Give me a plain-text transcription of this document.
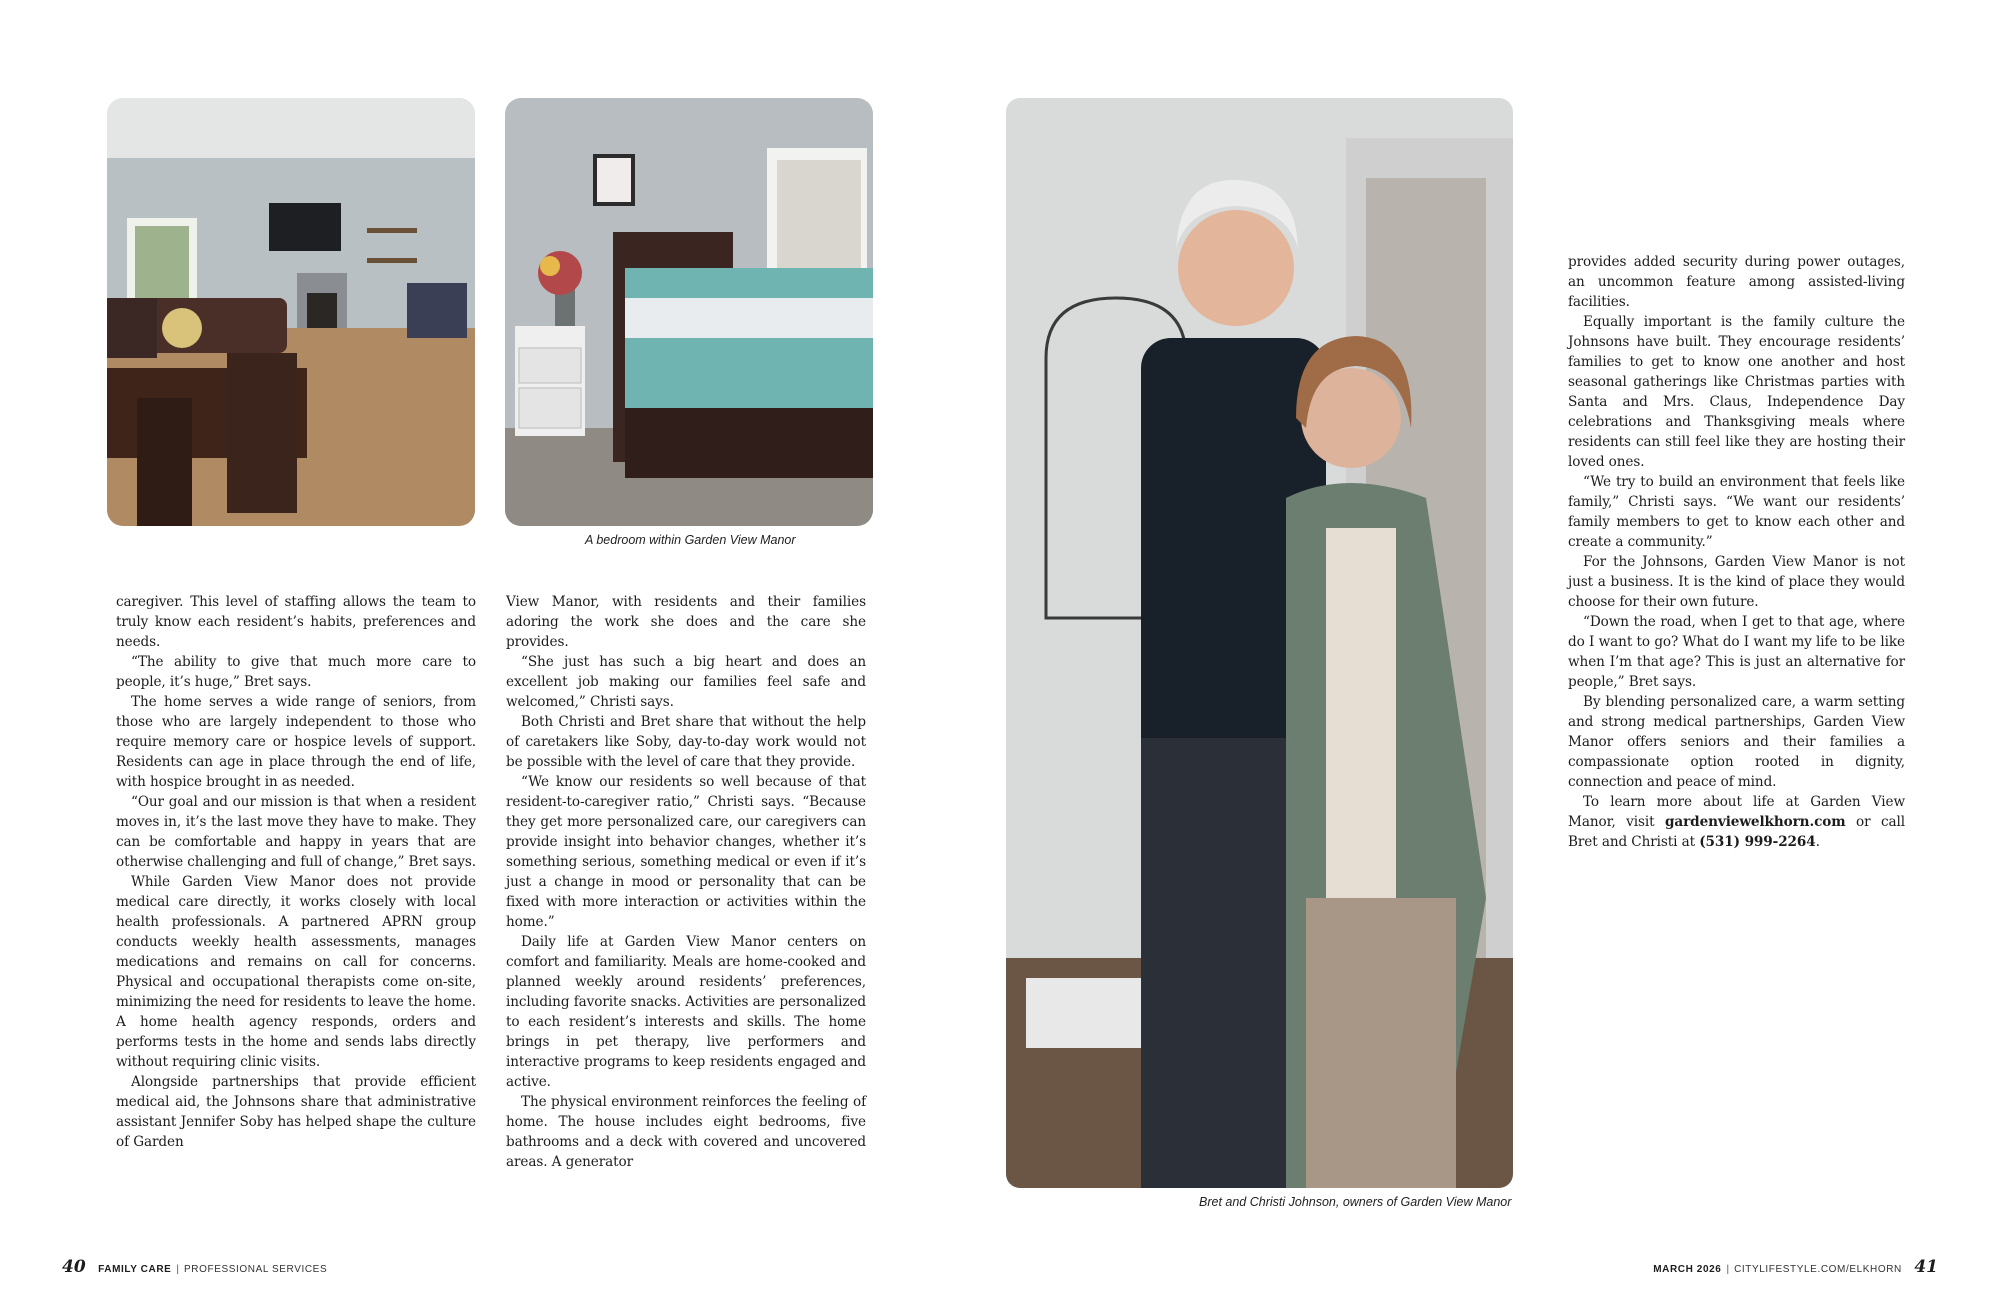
A bedroom within Garden View Manor

caregiver. This level of staffing allows the team to truly know each resident’s habits, preferences and needs.

“The ability to give that much more care to people, it’s huge,” Bret says.

The home serves a wide range of seniors, from those who are largely independent to those who require memory care or hospice levels of support. Residents can age in place through the end of life, with hospice brought in as needed.

“Our goal and our mission is that when a resident moves in, it’s the last move they have to make. They can be comfortable and happy in years that are otherwise challenging and full of change,” Bret says.

While Garden View Manor does not provide medical care directly, it works closely with local health professionals. A partnered APRN group conducts weekly health assessments, manages medications and remains on call for concerns. Physical and occupational therapists come on-site, minimizing the need for residents to leave the home. A home health agency responds, orders and performs tests in the home and sends labs directly without requiring clinic visits.

Alongside partnerships that provide efficient medical aid, the Johnsons share that administrative assistant Jennifer Soby has helped shape the culture of Garden

View Manor, with residents and their families adoring the work she does and the care she provides.

“She just has such a big heart and does an excellent job making our families feel safe and welcomed,” Christi says.

Both Christi and Bret share that without the help of caretakers like Soby, day-to-day work would not be possible with the level of care that they provide.

“We know our residents so well because of that resident-to-caregiver ratio,” Christi says. “Because they get more personalized care, our caregivers can provide insight into behavior changes, whether it’s something serious, something medical or even if it’s just a change in mood or personality that can be fixed with more interaction or activities within the home.”

Daily life at Garden View Manor centers on comfort and familiarity. Meals are home-cooked and planned weekly around residents’ preferences, including favorite snacks. Activities are personalized to each resident’s interests and skills. The home brings in pet therapy, live performers and interactive programs to keep residents engaged and active.

The physical environment reinforces the feeling of home. The house includes eight bedrooms, five bathrooms and a deck with covered and uncovered areas. A generator

Bret and Christi Johnson, owners of Garden View Manor

provides added security during power outages, an uncommon feature among assisted-living facilities.

Equally important is the family culture the Johnsons have built. They encourage residents’ families to get to know one another and host seasonal gatherings like Christmas parties with Santa and Mrs. Claus, Independence Day celebrations and Thanksgiving meals where residents can still feel like they are hosting their loved ones.

“We try to build an environment that feels like family,” Christi says. “We want our residents’ family members to get to know each other and create a community.”

For the Johnsons, Garden View Manor is not just a business. It is the kind of place they would choose for their own future.

“Down the road, when I get to that age, where do I want to go? What do I want my life to be like when I’m that age? This is just an alternative for people,” Bret says.

By blending personalized care, a warm setting and strong medical partnerships, Garden View Manor offers seniors and their families a compassionate option rooted in dignity, connection and peace of mind.

To learn more about life at Garden View Manor, visit gardenviewelkhorn.com or call Bret and Christi at (531) 999-2264.

40 FAMILY CARE | PROFESSIONAL SERVICES	MARCH 2026 | CITYLIFESTYLE.COM/ELKHORN 41
